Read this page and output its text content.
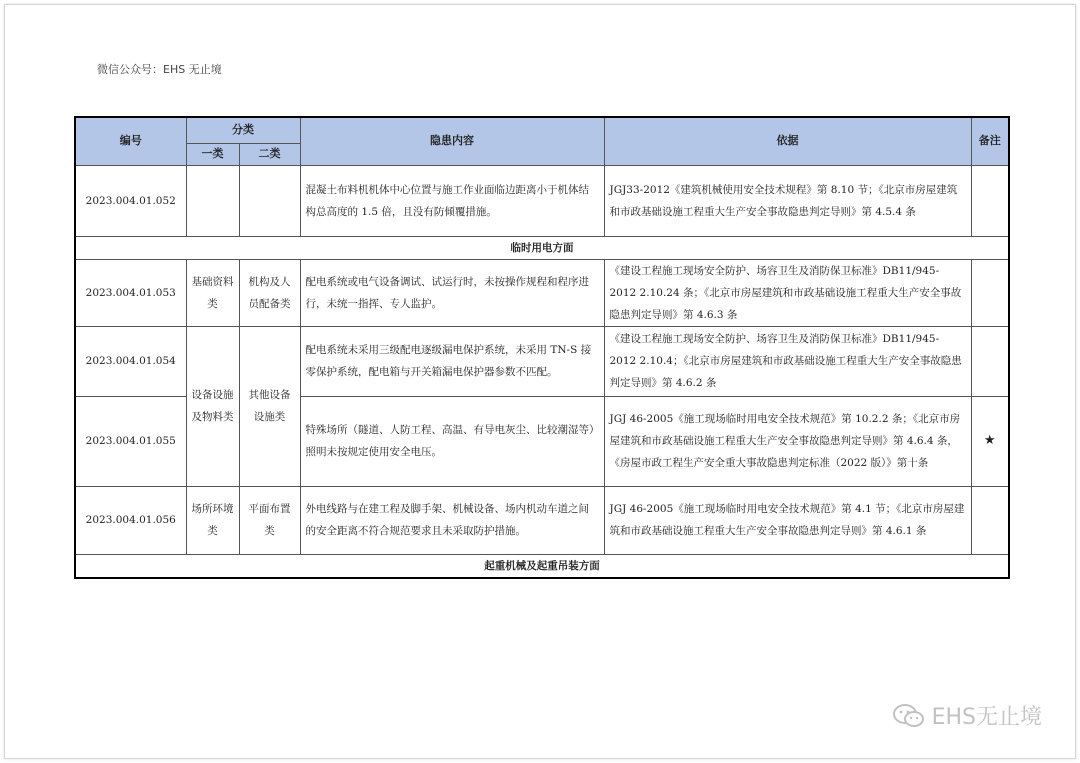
微信公众号：EHS 无止境
编号	分类		隐患内容	依据	备注
	一类	二类			
2023.004.01.052			混凝土布料机机体中心位置与施工作业面临边距离小于机体结构总高度的 1.5 倍，且没有防倾覆措施。	JGJ33-2012《建筑机械使用安全技术规程》第 8.10 节；《北京市房屋建筑和市政基础设施工程重大生产安全事故隐患判定导则》第 4.5.4 条	
临时用电方面					
2023.004.01.053	基础资料类	机构及人员配备类	配电系统或电气设备调试、试运行时，未按操作规程和程序进行，未统一指挥、专人监护。	《建设工程施工现场安全防护、场容卫生及消防保卫标准》DB11/945-2012 2.10.24 条；《北京市房屋建筑和市政基础设施工程重大生产安全事故隐患判定导则》第 4.6.3 条	
2023.004.01.054	设备设施及物料类	其他设备设施类	配电系统未采用三级配电逐级漏电保护系统，未采用 TN-S 接零保护系统，配电箱与开关箱漏电保护器参数不匹配。	《建设工程施工现场安全防护、场容卫生及消防保卫标准》DB11/945-2012 2.10.4；《北京市房屋建筑和市政基础设施工程重大生产安全事故隐患判定导则》第 4.6.2 条	
2023.004.01.055			特殊场所（隧道、人防工程、高温、有导电灰尘、比较潮湿等）照明未按规定使用安全电压。	JGJ 46-2005《施工现场临时用电安全技术规范》第 10.2.2 条；《北京市房屋建筑和市政基础设施工程重大生产安全事故隐患判定导则》第 4.6.4 条，《房屋市政工程生产安全重大事故隐患判定标准（2022 版）》第十条	★
2023.004.01.056	场所环境类	平面布置类	外电线路与在建工程及脚手架、机械设备、场内机动车道之间的安全距离不符合规范要求且未采取防护措施。	JGJ 46-2005《施工现场临时用电安全技术规范》第 4.1 节；《北京市房屋建筑和市政基础设施工程重大生产安全事故隐患判定导则》第 4.6.1 条	
起重机械及起重吊装方面					
EHS无止境
